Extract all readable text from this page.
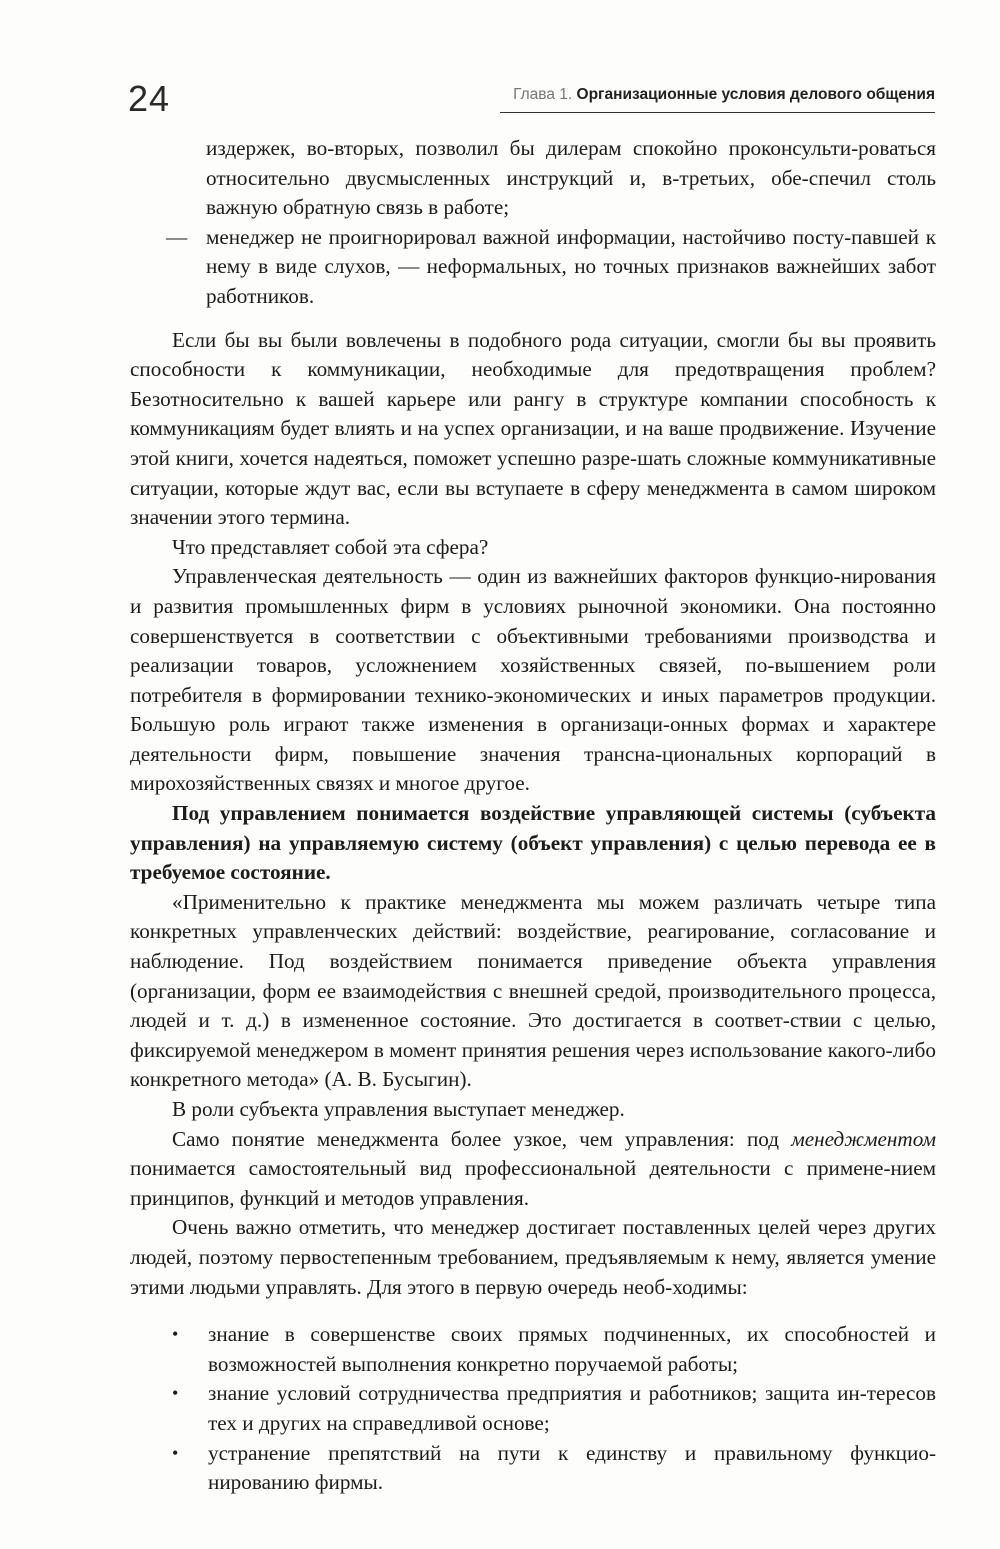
24	Глава 1. Организационные условия делового общения
издержек, во-вторых, позволил бы дилерам спокойно проконсульти-роваться относительно двусмысленных инструкций и, в-третьих, обе-спечил столь важную обратную связь в работе;
— менеджер не проигнорировал важной информации, настойчиво посту-павшей к нему в виде слухов, — неформальных, но точных признаков важнейших забот работников.

Если бы вы были вовлечены в подобного рода ситуации, смогли бы вы проявить способности к коммуникации, необходимые для предотвращения проблем? Безотносительно к вашей карьере или рангу в структуре компании способность к коммуникациям будет влиять и на успех организации, и на ваше продвижение. Изучение этой книги, хочется надеяться, поможет успешно разре-шать сложные коммуникативные ситуации, которые ждут вас, если вы вступаете в сферу менеджмента в самом широком значении этого термина.

Что представляет собой эта сфера?

Управленческая деятельность — один из важнейших факторов функцио-нирования и развития промышленных фирм в условиях рыночной экономики. Она постоянно совершенствуется в соответствии с объективными требованиями производства и реализации товаров, усложнением хозяйственных связей, по-вышением роли потребителя в формировании технико-экономических и иных параметров продукции. Большую роль играют также изменения в организаци-онных формах и характере деятельности фирм, повышение значения трансна-циональных корпораций в мирохозяйственных связях и многое другое.

Под управлением понимается воздействие управляющей системы (субъекта управления) на управляемую систему (объект управления) с целью перевода ее в требуемое состояние.

«Применительно к практике менеджмента мы можем различать четыре типа конкретных управленческих действий: воздействие, реагирование, согласование и наблюдение. Под воздействием понимается приведение объекта управления (организации, форм ее взаимодействия с внешней средой, производительного процесса, людей и т. д.) в измененное состояние. Это достигается в соответ-ствии с целью, фиксируемой менеджером в момент принятия решения через использование какого-либо конкретного метода» (А. В. Бусыгин).

В роли субъекта управления выступает менеджер.

Само понятие менеджмента более узкое, чем управления: под менеджментом понимается самостоятельный вид профессиональной деятельности с примене-нием принципов, функций и методов управления.

Очень важно отметить, что менеджер достигает поставленных целей через других людей, поэтому первостепенным требованием, предъявляемым к нему, является умение этими людьми управлять. Для этого в первую очередь необ-ходимы:

• знание в совершенстве своих прямых подчиненных, их способностей и возможностей выполнения конкретно поручаемой работы;
• знание условий сотрудничества предприятия и работников; защита ин-тересов тех и других на справедливой основе;
• устранение препятствий на пути к единству и правильному функцио-нированию фирмы.
